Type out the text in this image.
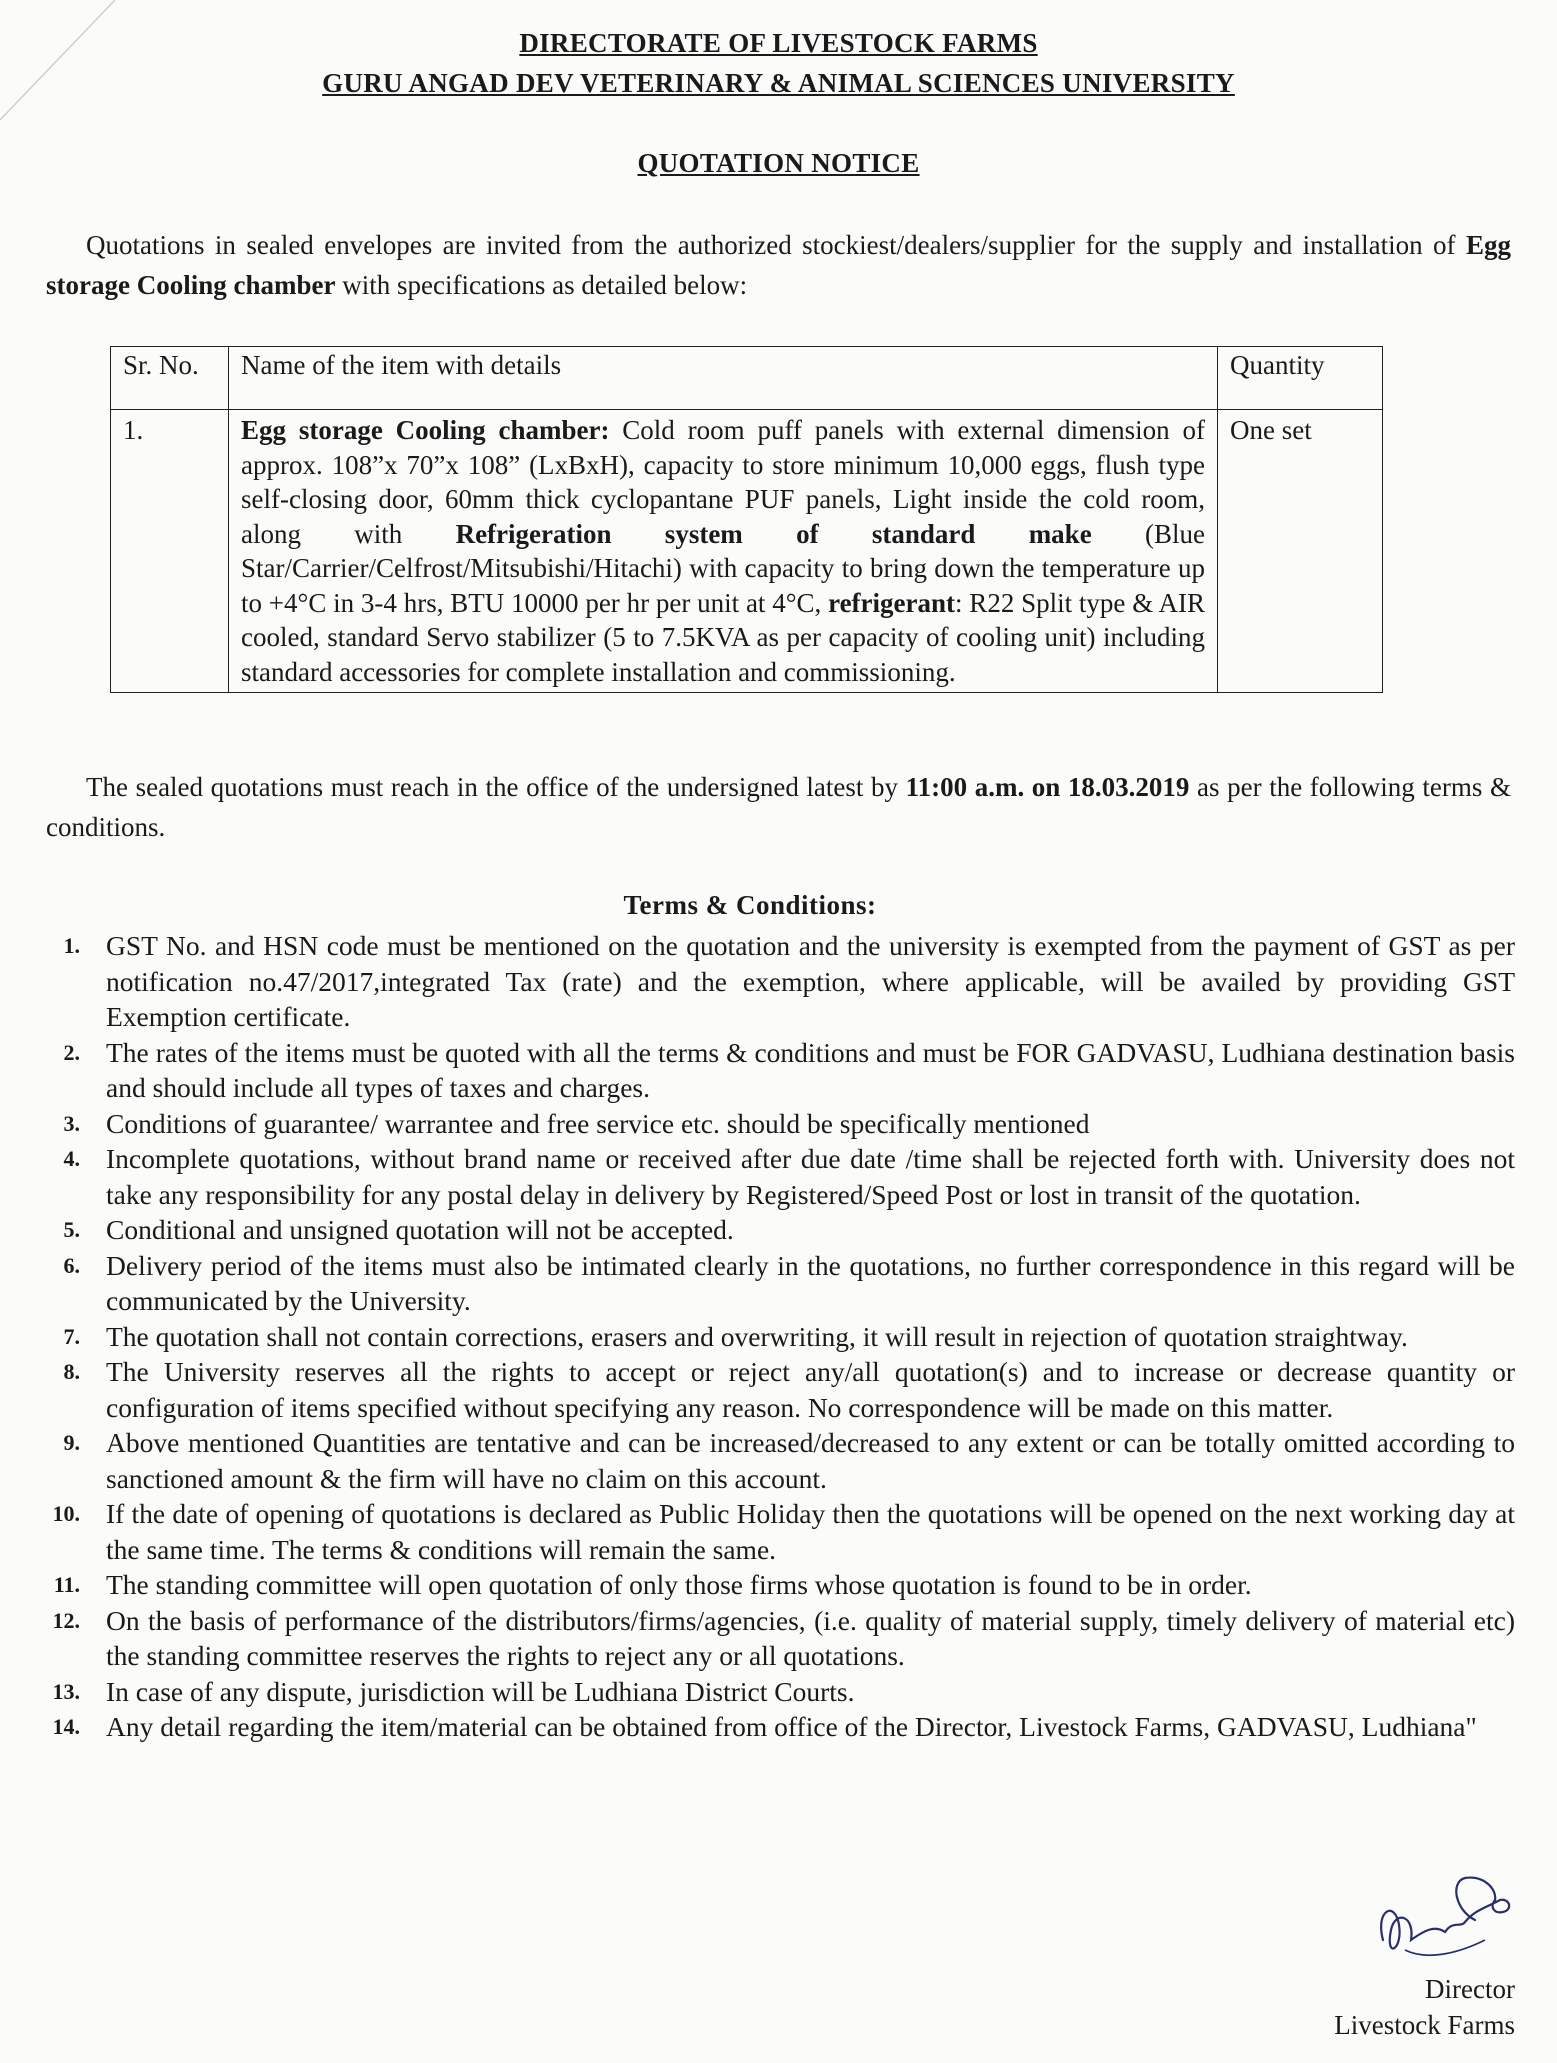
DIRECTORATE OF LIVESTOCK FARMS
GURU ANGAD DEV VETERINARY & ANIMAL SCIENCES UNIVERSITY
QUOTATION NOTICE
Quotations in sealed envelopes are invited from the authorized stockiest/dealers/supplier for the supply and installation of Egg storage Cooling chamber with specifications as detailed below:
Sr. No.	Name of the item with details	Quantity
1.	Egg storage Cooling chamber: Cold room puff panels with external dimension of approx. 108”x 70”x 108” (LxBxH), capacity to store minimum 10,000 eggs, flush type self-closing door, 60mm thick cyclopantane PUF panels, Light inside the cold room, along with Refrigeration system of standard make (Blue Star/Carrier/Celfrost/Mitsubishi/Hitachi) with capacity to bring down the temperature up to +4°C in 3-4 hrs, BTU 10000 per hr per unit at 4°C, refrigerant: R22 Split type & AIR cooled, standard Servo stabilizer (5 to 7.5KVA as per capacity of cooling unit) including standard accessories for complete installation and commissioning.	One set
The sealed quotations must reach in the office of the undersigned latest by 11:00 a.m. on 18.03.2019 as per the following terms & conditions.
Terms & Conditions:
1. GST No. and HSN code must be mentioned on the quotation and the university is exempted from the payment of GST as per notification no.47/2017,integrated Tax (rate) and the exemption, where applicable, will be availed by providing GST Exemption certificate.
2. The rates of the items must be quoted with all the terms & conditions and must be FOR GADVASU, Ludhiana destination basis and should include all types of taxes and charges.
3. Conditions of guarantee/ warrantee and free service etc. should be specifically mentioned
4. Incomplete quotations, without brand name or received after due date /time shall be rejected forth with. University does not take any responsibility for any postal delay in delivery by Registered/Speed Post or lost in transit of the quotation.
5. Conditional and unsigned quotation will not be accepted.
6. Delivery period of the items must also be intimated clearly in the quotations, no further correspondence in this regard will be communicated by the University.
7. The quotation shall not contain corrections, erasers and overwriting, it will result in rejection of quotation straightway.
8. The University reserves all the rights to accept or reject any/all quotation(s) and to increase or decrease quantity or configuration of items specified without specifying any reason. No correspondence will be made on this matter.
9. Above mentioned Quantities are tentative and can be increased/decreased to any extent or can be totally omitted according to sanctioned amount & the firm will have no claim on this account.
10. If the date of opening of quotations is declared as Public Holiday then the quotations will be opened on the next working day at the same time. The terms & conditions will remain the same.
11. The standing committee will open quotation of only those firms whose quotation is found to be in order.
12. On the basis of performance of the distributors/firms/agencies, (i.e. quality of material supply, timely delivery of material etc) the standing committee reserves the rights to reject any or all quotations.
13. In case of any dispute, jurisdiction will be Ludhiana District Courts.
14. Any detail regarding the item/material can be obtained from office of the Director, Livestock Farms, GADVASU, Ludhiana"
Director
Livestock Farms
